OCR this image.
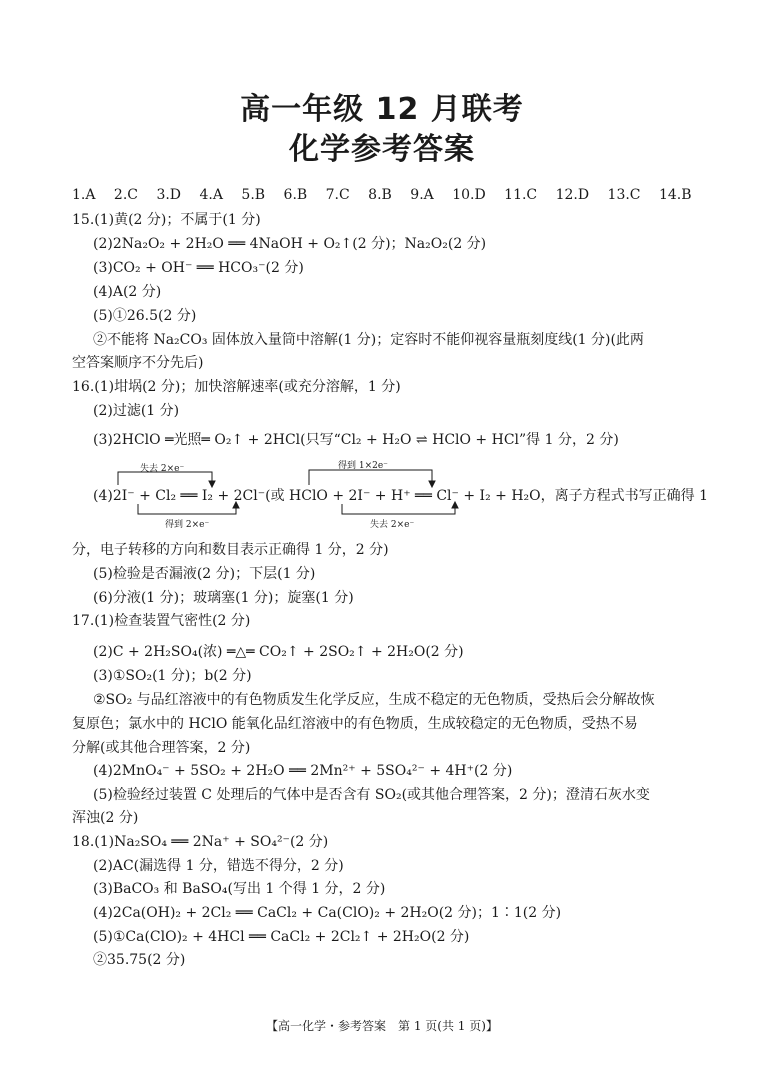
高一年级 12 月联考
化学参考答案
1.A 2.C 3.D 4.A 5.B 6.B 7.C 8.B 9.A 10.D 11.C 12.D 13.C 14.B
15.(1)黄(2 分)；不属于(1 分)
(2)2Na₂O₂ + 2H₂O ══ 4NaOH + O₂↑(2 分)；Na₂O₂(2 分)
(3)CO₂ + OH⁻ ══ HCO₃⁻(2 分)
(4)A(2 分)
(5)①26.5(2 分)
②不能将 Na₂CO₃ 固体放入量筒中溶解(1 分)；定容时不能仰视容量瓶刻度线(1 分)(此两
空答案顺序不分先后)
16.(1)坩埚(2 分)；加快溶解速率(或充分溶解，1 分)
(2)过滤(1 分)
(3)2HClO ═光照═ O₂↑ + 2HCl(只写“Cl₂ + H₂O ⇌ HClO + HCl”得 1 分，2 分)
失去 2×e⁻
得到 2×e⁻
得到 1×2e⁻
失去 2×e⁻
(4)2I⁻ + Cl₂ ══ I₂ + 2Cl⁻(或 HClO + 2I⁻ + H⁺ ══ Cl⁻ + I₂ + H₂O，离子方程式书写正确得 1
分，电子转移的方向和数目表示正确得 1 分，2 分)
(5)检验是否漏液(2 分)；下层(1 分)
(6)分液(1 分)；玻璃塞(1 分)；旋塞(1 分)
17.(1)检查装置气密性(2 分)
(2)C + 2H₂SO₄(浓) ═△═ CO₂↑ + 2SO₂↑ + 2H₂O(2 分)
(3)①SO₂(1 分)；b(2 分)
②SO₂ 与品红溶液中的有色物质发生化学反应，生成不稳定的无色物质，受热后会分解故恢
复原色；氯水中的 HClO 能氧化品红溶液中的有色物质，生成较稳定的无色物质，受热不易
分解(或其他合理答案，2 分)
(4)2MnO₄⁻ + 5SO₂ + 2H₂O ══ 2Mn²⁺ + 5SO₄²⁻ + 4H⁺(2 分)
(5)检验经过装置 C 处理后的气体中是否含有 SO₂(或其他合理答案，2 分)；澄清石灰水变
浑浊(2 分)
18.(1)Na₂SO₄ ══ 2Na⁺ + SO₄²⁻(2 分)
(2)AC(漏选得 1 分，错选不得分，2 分)
(3)BaCO₃ 和 BaSO₄(写出 1 个得 1 分，2 分)
(4)2Ca(OH)₂ + 2Cl₂ ══ CaCl₂ + Ca(ClO)₂ + 2H₂O(2 分)；1∶1(2 分)
(5)①Ca(ClO)₂ + 4HCl ══ CaCl₂ + 2Cl₂↑ + 2H₂O(2 分)
②35.75(2 分)
【高一化学・参考答案　第 1 页(共 1 页)】
